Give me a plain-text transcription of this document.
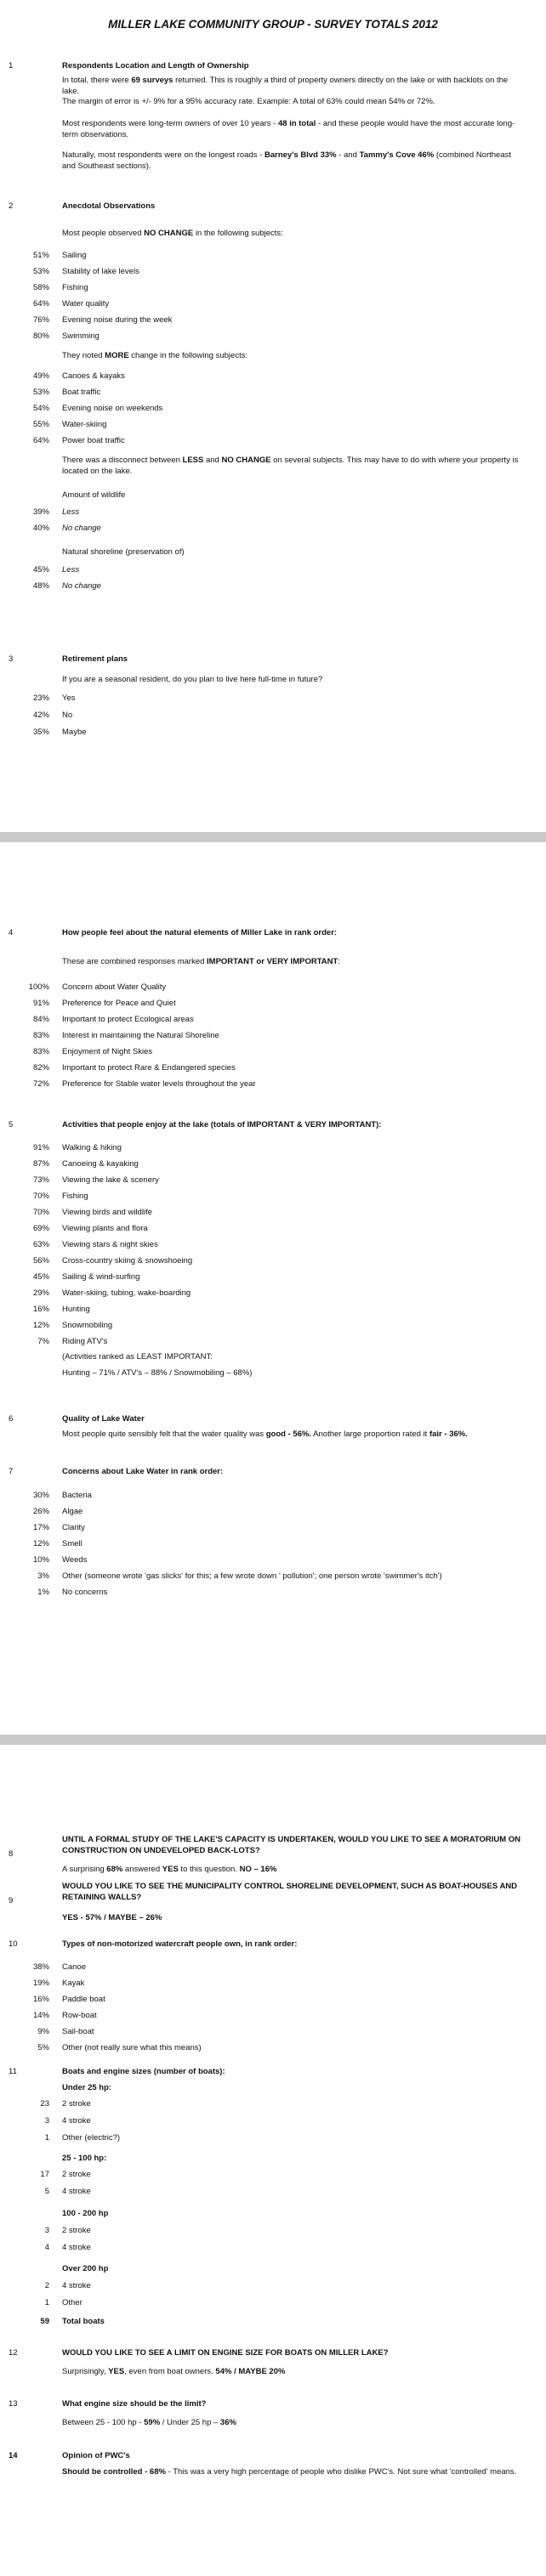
MILLER LAKE COMMUNITY GROUP - SURVEY TOTALS 2012
1	Respondents Location and Length of Ownership
In total, there were 69 surveys returned. This is roughly a third of property owners directly on the lake or with backlots on the lake.
The margin of error is +/- 9% for a 95% accuracy rate. Example: A total of 63% could mean 54% or 72%.
Most respondents were long-term owners of over 10 years - 48 in total - and these people would have the most accurate long-term observations.
Naturally, most respondents were on the longest roads - Barney's Blvd 33% - and Tammy's Cove 46% (combined Northeast and Southeast sections).
2	Anecdotal Observations
Most people observed NO CHANGE in the following subjects:
51% Sailing
53% Stability of lake levels
58% Fishing
64% Water quality
76% Evening noise during the week
80% Swimming
They noted MORE change in the following subjects:
49% Canoes & kayaks
53% Boat traffic
54% Evening noise on weekends
55% Water-skiing
64% Power boat traffic
There was a disconnect between LESS and NO CHANGE on several subjects. This may have to do with where your property is located on the lake.
Amount of wildlife
39% Less
40% No change
Natural shoreline (preservation of)
45% Less
48% No change
3	Retirement plans
If you are a seasonal resident, do you plan to live here full-time in future?
23% Yes
42% No
35% Maybe
4	How people feel about the natural elements of Miller Lake in rank order:
These are combined responses marked IMPORTANT or VERY IMPORTANT:
100% Concern about Water Quality
91% Preference for Peace and Quiet
84% Important to protect Ecological areas
83% Interest in maintaining the Natural Shoreline
83% Enjoyment of Night Skies
82% Important to protect Rare & Endangered species
72% Preference for Stable water levels throughout the year
5	Activities that people enjoy at the lake (totals of IMPORTANT & VERY IMPORTANT):
91% Walking & hiking
87% Canoeing & kayaking
73% Viewing the lake & scenery
70% Fishing
70% Viewing birds and wildlife
69% Viewing plants and flora
63% Viewing stars & night skies
56% Cross-country skiing & snowshoeing
45% Sailing & wind-surfing
29% Water-skiing, tubing, wake-boarding
16% Hunting
12% Snowmobiling
7% Riding ATV's
(Activities ranked as LEAST IMPORTANT:
Hunting – 71% / ATV's – 88% / Snowmobiling – 68%)
6	Quality of Lake Water
Most people quite sensibly felt that the water quality was good - 56%. Another large proportion rated it fair - 36%.
7	Concerns about Lake Water in rank order:
30% Bacteria
26% Algae
17% Clarity
12% Smell
10% Weeds
3% Other (someone wrote 'gas slicks' for this; a few wrote down ' pollution'; one person wrote 'swimmer's itch')
1% No concerns
8
UNTIL A FORMAL STUDY OF THE LAKE'S CAPACITY IS UNDERTAKEN, WOULD YOU LIKE TO SEE A MORATORIUM ON CONSTRUCTION ON UNDEVELOPED BACK-LOTS?
A surprising 68% answered YES to this question. NO – 16%
9
WOULD YOU LIKE TO SEE THE MUNICIPALITY CONTROL SHORELINE DEVELOPMENT, SUCH AS BOAT-HOUSES AND RETAINING WALLS?
YES - 57% / MAYBE – 26%
10	Types of non-motorized watercraft people own, in rank order:
38% Canoe
19% Kayak
16% Paddle boat
14% Row-boat
9% Sail-boat
5% Other (not really sure what this means)
11	Boats and engine sizes (number of boats):
Under 25 hp:
23 2 stroke
3 4 stroke
1 Other (electric?)
25 - 100 hp:
17 2 stroke
5 4 stroke
100 - 200 hp
3 2 stroke
4 4 stroke
Over 200 hp
2 4 stroke
1 Other
59 Total boats
12	WOULD YOU LIKE TO SEE A LIMIT ON ENGINE SIZE FOR BOATS ON MILLER LAKE?
Surprisingly, YES, even from boat owners. 54% / MAYBE 20%
13	What engine size should be the limit?
Between 25 - 100 hp - 59% / Under 25 hp – 36%
14	Opinion of PWC's
Should be controlled - 68% - This was a very high percentage of people who dislike PWC's. Not sure what 'controlled' means.
